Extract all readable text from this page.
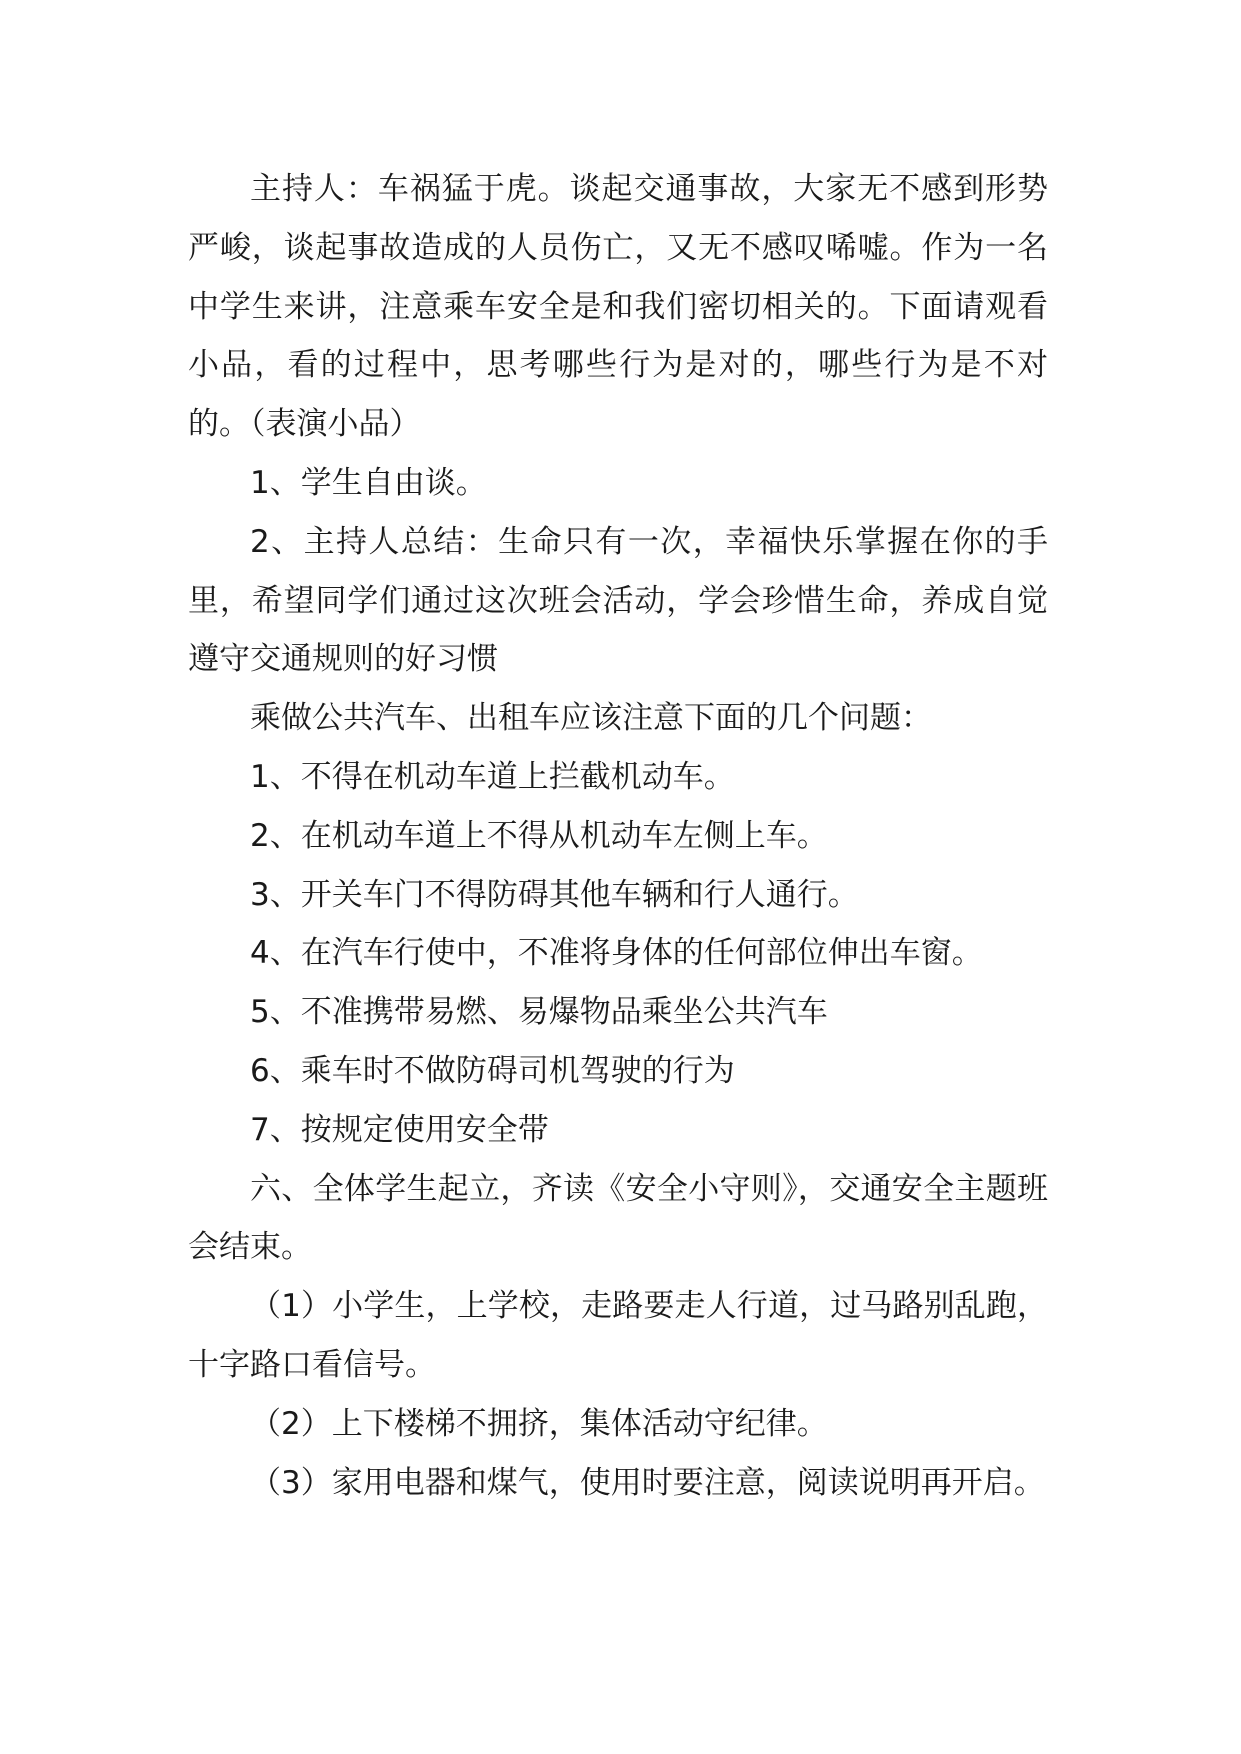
主持人：车祸猛于虎。谈起交通事故，大家无不感到形势严峻，谈起事故造成的人员伤亡，又无不感叹唏嘘。作为一名中学生来讲，注意乘车安全是和我们密切相关的。下面请观看小品，看的过程中，思考哪些行为是对的，哪些行为是不对的。（表演小品）

1、学生自由谈。

2、主持人总结：生命只有一次，幸福快乐掌握在你的手里，希望同学们通过这次班会活动，学会珍惜生命，养成自觉遵守交通规则的好习惯

乘做公共汽车、出租车应该注意下面的几个问题：

1、不得在机动车道上拦截机动车。

2、在机动车道上不得从机动车左侧上车。

3、开关车门不得防碍其他车辆和行人通行。

4、在汽车行使中，不准将身体的任何部位伸出车窗。

5、不准携带易燃、易爆物品乘坐公共汽车

6、乘车时不做防碍司机驾驶的行为

7、按规定使用安全带

六、全体学生起立，齐读《安全小守则》，交通安全主题班会结束。

（1）小学生，上学校，走路要走人行道，过马路别乱跑，十字路口看信号。

（2）上下楼梯不拥挤，集体活动守纪律。

（3）家用电器和煤气，使用时要注意，阅读说明再开启。
